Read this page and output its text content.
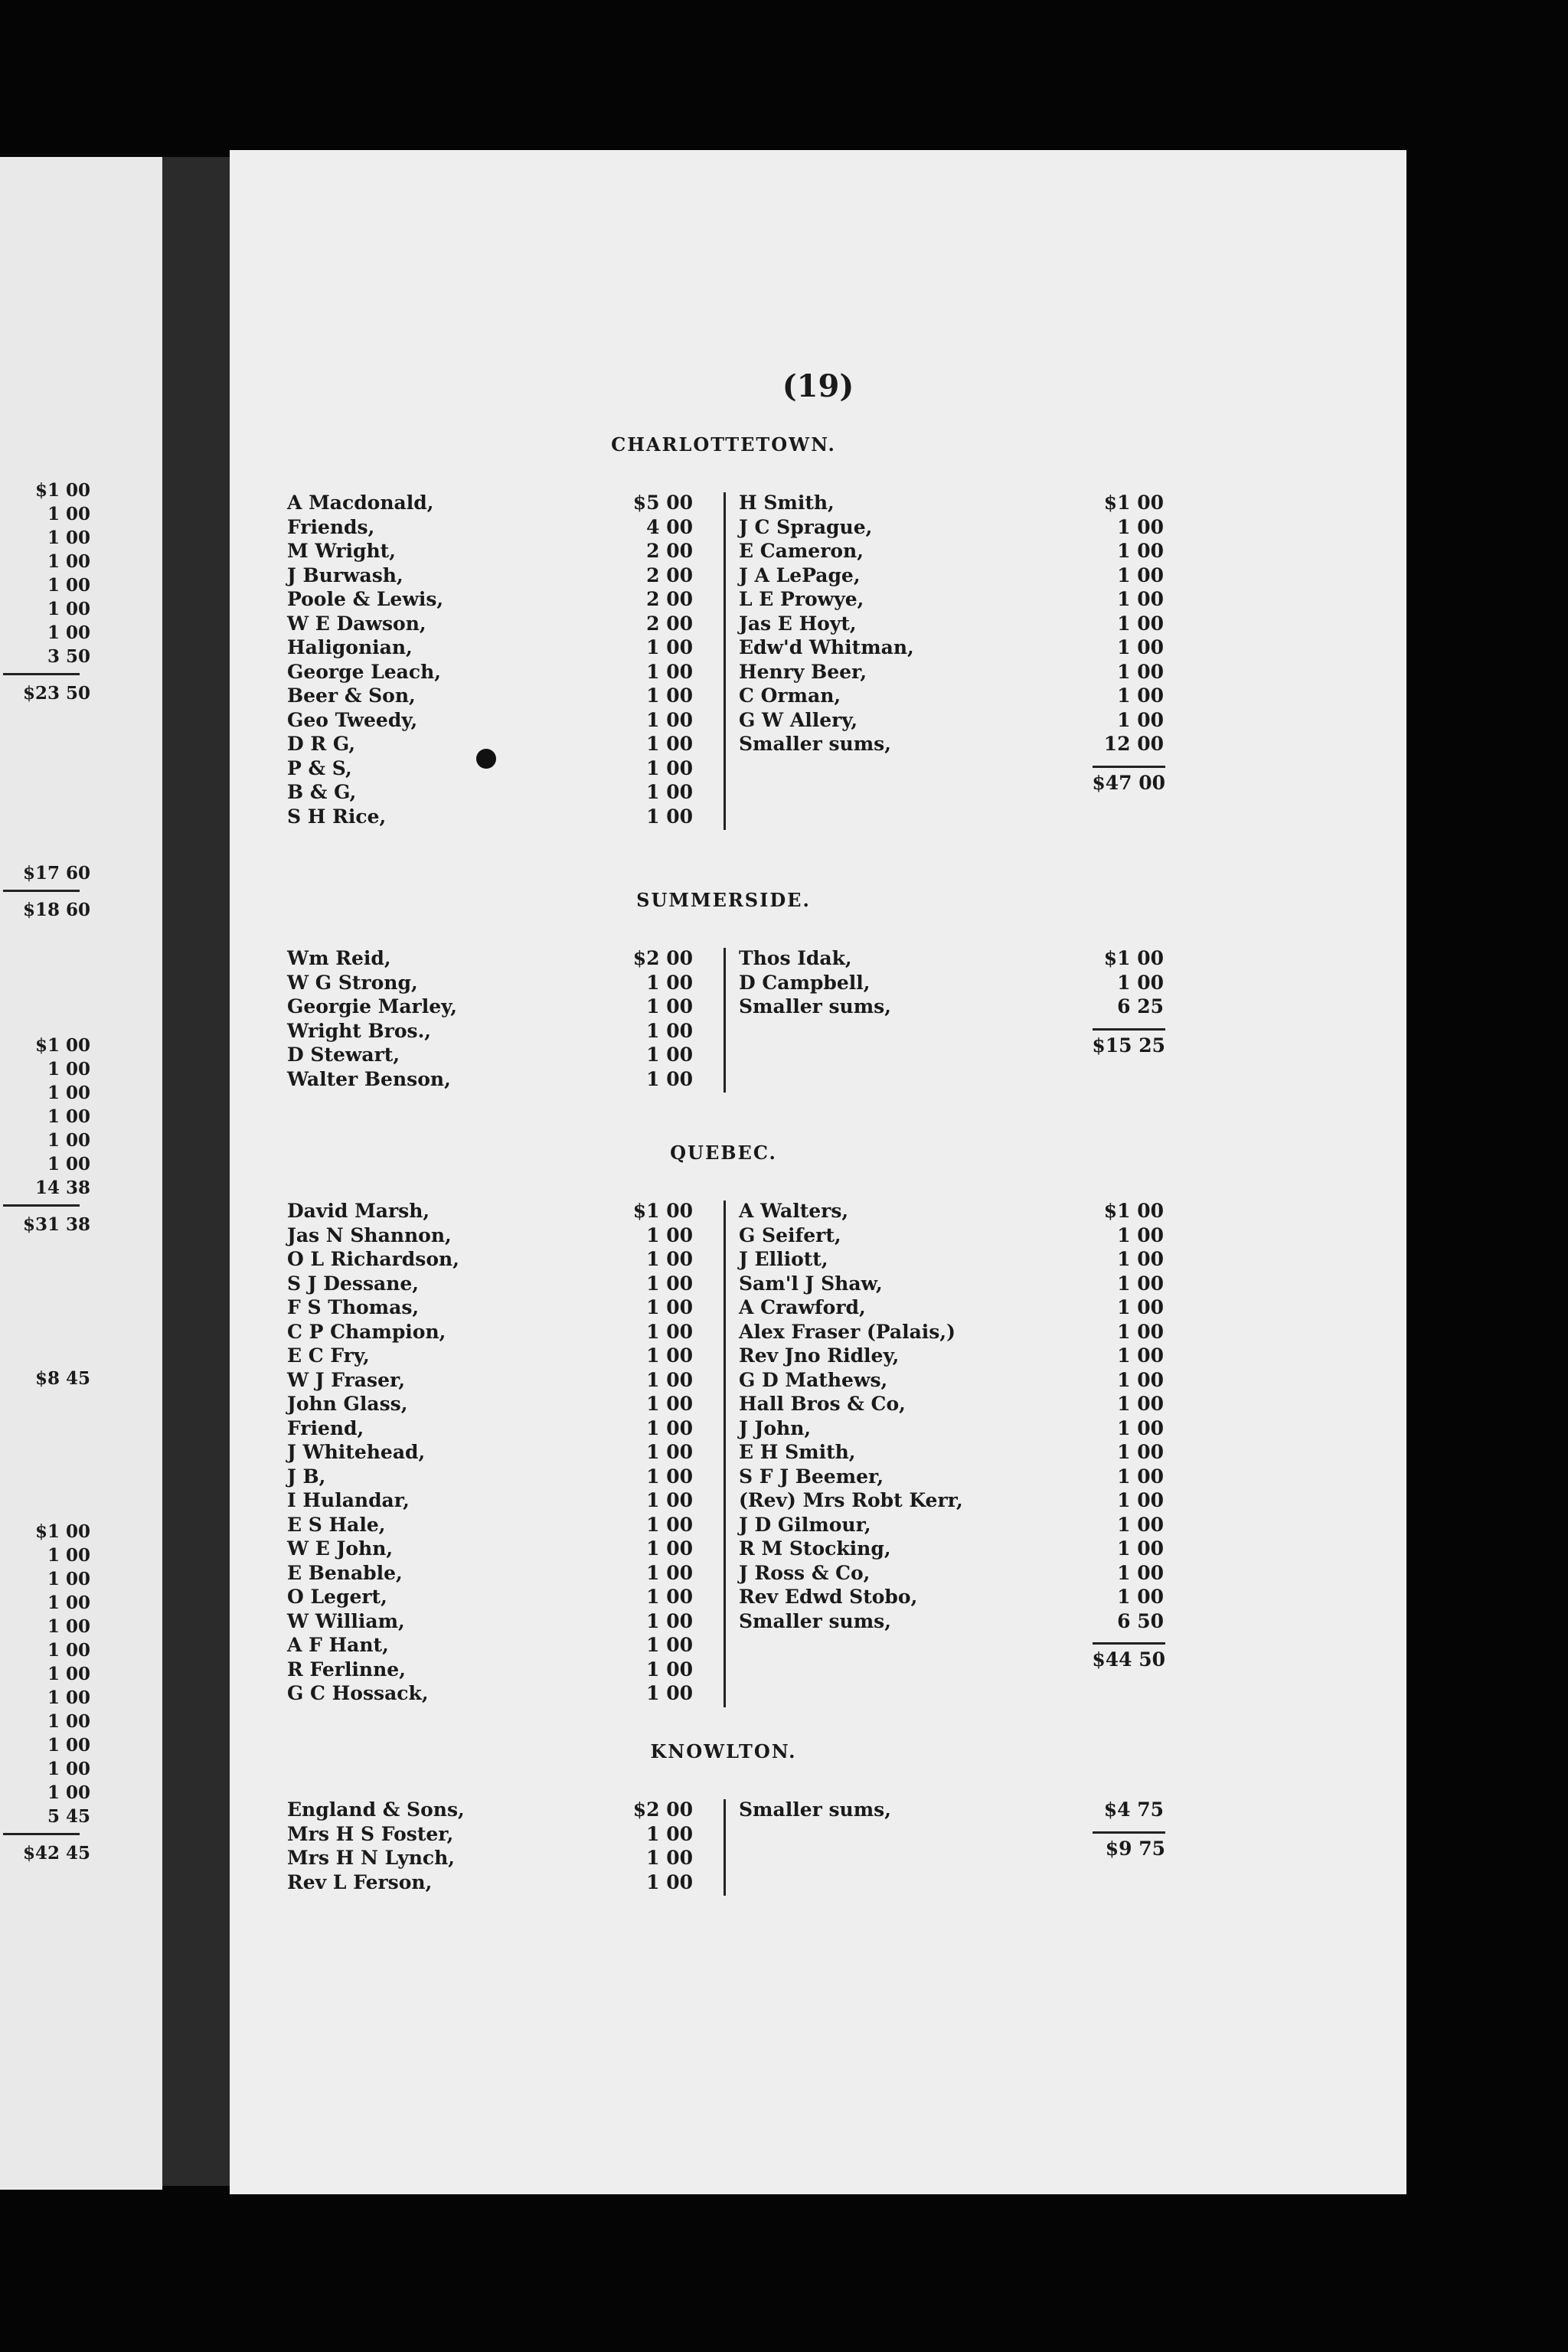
$1 00
1 00
1 00
1 00
1 00
1 00
1 00
3 50
$23 50
$17 60
$18 60
$1 00
1 00
1 00
1 00
1 00
1 00
14 38
$31 38
$8 45
$1 00
1 00
1 00
1 00
1 00
1 00
1 00
1 00
1 00
1 00
1 00
1 00
5 45
$42 45
(19)
CHARLOTTETOWN.
A Macdonald,
Friends,
M Wright,
J Burwash,
Poole & Lewis,
W E Dawson,
Haligonian,
George Leach,
Beer & Son,
Geo Tweedy,
D R G,
P & S,
B & G,
S H Rice,
$5 00
4 00
2 00
2 00
2 00
2 00
1 00
1 00
1 00
1 00
1 00
1 00
1 00
1 00
H Smith,
J C Sprague,
E Cameron,
J A LePage,
L E Prowye,
Jas E Hoyt,
Edw'd Whitman,
Henry Beer,
C Orman,
G W Allery,
Smaller sums,
$1 00
1 00
1 00
1 00
1 00
1 00
1 00
1 00
1 00
1 00
12 00
$47 00
SUMMERSIDE.
Wm Reid,
W G Strong,
Georgie Marley,
Wright Bros.,
D Stewart,
Walter Benson,
$2 00
1 00
1 00
1 00
1 00
1 00
Thos Idak,
D Campbell,
Smaller sums,
$1 00
1 00
6 25
$15 25
QUEBEC.
David Marsh,
Jas N Shannon,
O L Richardson,
S J Dessane,
F S Thomas,
C P Champion,
E C Fry,
W J Fraser,
John Glass,
Friend,
J Whitehead,
J B,
I Hulandar,
E S Hale,
W E John,
E Benable,
O Legert,
W William,
A F Hant,
R Ferlinne,
G C Hossack,
$1 00
1 00
1 00
1 00
1 00
1 00
1 00
1 00
1 00
1 00
1 00
1 00
1 00
1 00
1 00
1 00
1 00
1 00
1 00
1 00
1 00
A Walters,
G Seifert,
J Elliott,
Sam'l J Shaw,
A Crawford,
Alex Fraser (Palais,)
Rev Jno Ridley,
G D Mathews,
Hall Bros & Co,
J John,
E H Smith,
S F J Beemer,
(Rev) Mrs Robt Kerr,
J D Gilmour,
R M Stocking,
J Ross & Co,
Rev Edwd Stobo,
Smaller sums,
$1 00
1 00
1 00
1 00
1 00
1 00
1 00
1 00
1 00
1 00
1 00
1 00
1 00
1 00
1 00
1 00
1 00
6 50
$44 50
KNOWLTON.
England & Sons,
Mrs H S Foster,
Mrs H N Lynch,
Rev L Ferson,
$2 00
1 00
1 00
1 00
Smaller sums,	$4 75
$9 75
